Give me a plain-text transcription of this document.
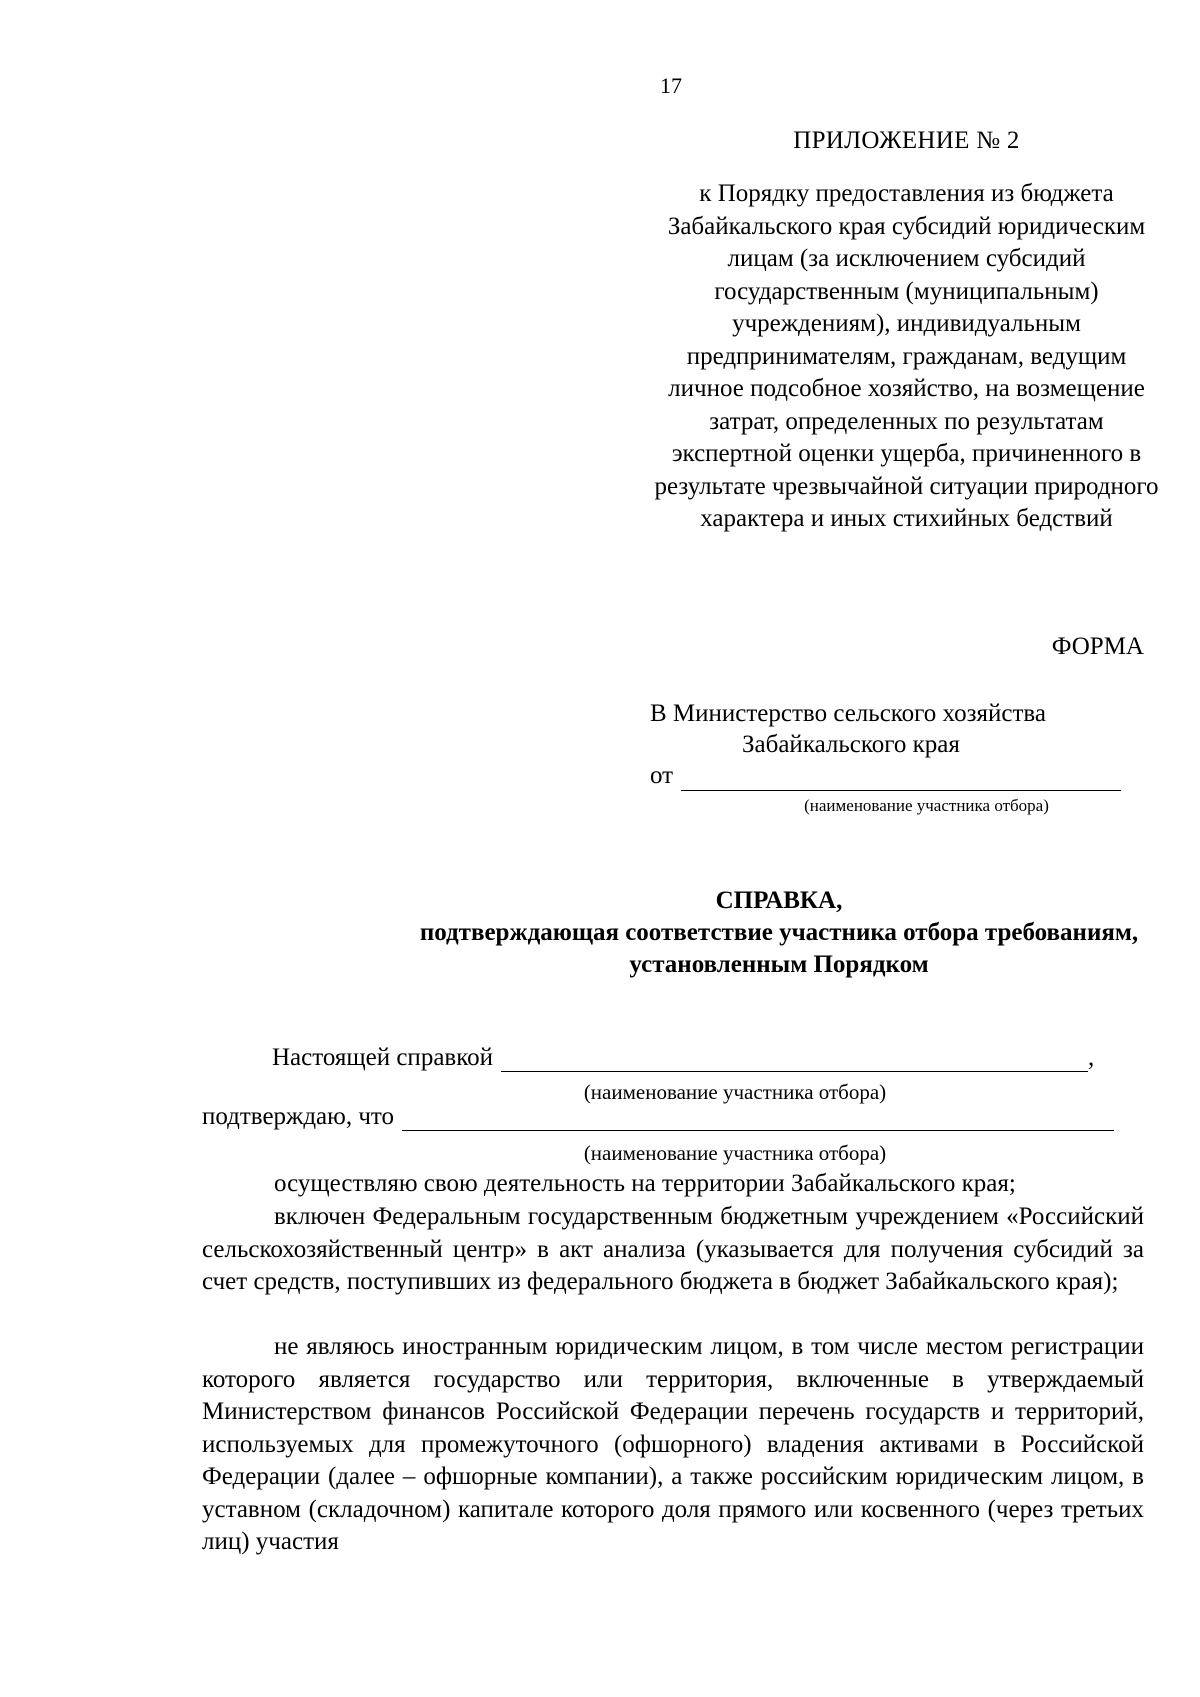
17
ПРИЛОЖЕНИЕ № 2
к Порядку предоставления из бюджета Забайкальского края субсидий юридическим лицам (за исключением субсидий государственным (муниципальным) учреждениям), индивидуальным предпринимателям, гражданам, ведущим личное подсобное хозяйство, на возмещение затрат, определенных по результатам экспертной оценки ущерба, причиненного в результате чрезвычайной ситуации природного характера и иных стихийных бедствий
ФОРМА
В Министерство сельского хозяйства
Забайкальского края
от
(наименование участника отбора)
СПРАВКА,
подтверждающая соответствие участника отбора требованиям,
установленным Порядком
Настоящей справкой	,
(наименование участника отбора)
подтверждаю, что
(наименование участника отбора)
осуществляю свою деятельность на территории Забайкальского края;
включен Федеральным государственным бюджетным учреждением «Российский сельскохозяйственный центр» в акт анализа (указывается для получения субсидий за счет средств, поступивших из федерального бюджета в бюджет Забайкальского края);
не являюсь иностранным юридическим лицом, в том числе местом регистрации которого является государство или территория, включенные в утверждаемый Министерством финансов Российской Федерации перечень государств и территорий, используемых для промежуточного (офшорного) владения активами в Российской Федерации (далее – офшорные компании), а также российским юридическим лицом, в уставном (складочном) капитале которого доля прямого или косвенного (через третьих лиц) участия
